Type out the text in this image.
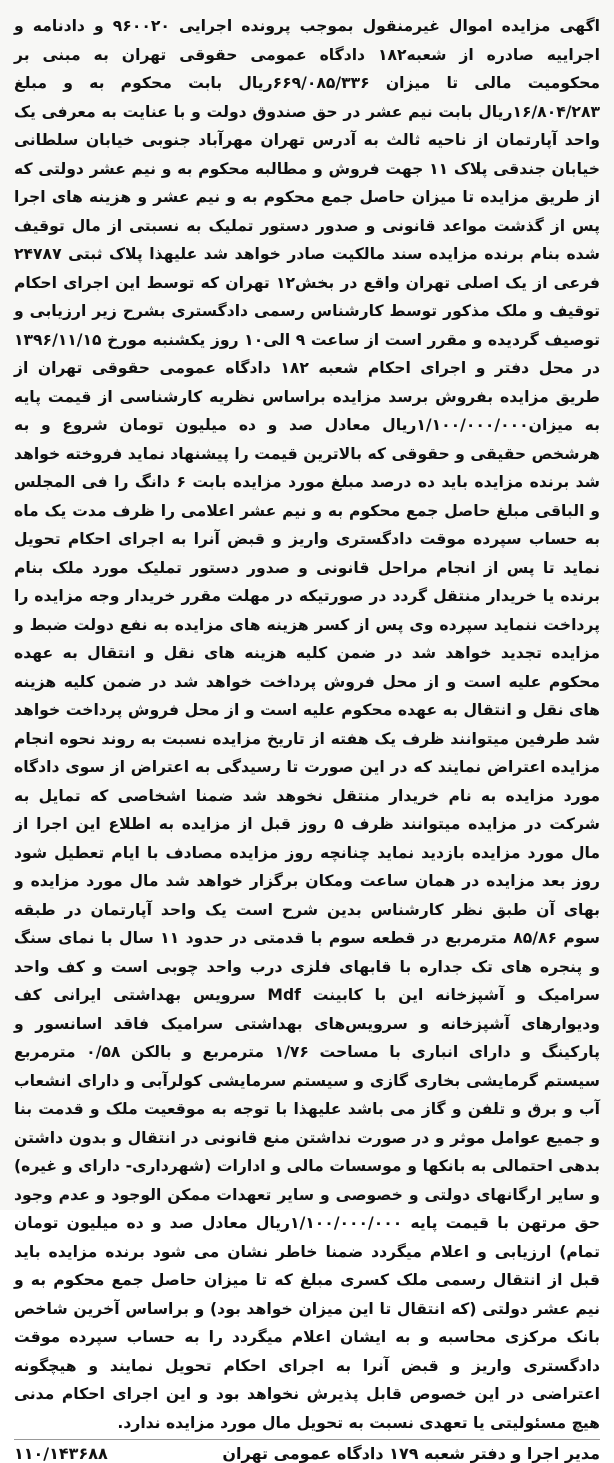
اگهی مزایده اموال غیرمنقول بموجب پرونده اجرایی ۹۶۰۰۲۰ و دادنامه و اجراییه صادره از شعبه۱۸۲ دادگاه عمومی حقوقی تهران به مبنی بر محکومیت مالی تا میزان ۶۶۹/۰۸۵/۳۳۶ریال بابت محکوم به و مبلغ ۱۶/۸۰۴/۲۸۳ریال بابت نیم عشر در حق صندوق دولت و با عنایت به معرفی یک واحد آپارتمان از ناحیه ثالث به آدرس تهران مهرآباد جنوبی خیابان سلطانی خیابان جندقی پلاک ۱۱ جهت فروش و مطالبه محکوم به و نیم عشر دولتی که از طریق مزایده تا میزان حاصل جمع محکوم به و نیم عشر و هزینه های اجرا پس از گذشت مواعد قانونی و صدور دستور تملیک به نسبتی از مال توقیف شده بنام برنده مزایده سند مالکیت صادر خواهد شد علیهذا پلاک ثبتی ۲۴۷۸۷ فرعی از یک اصلی تهران واقع در بخش۱۲ تهران که توسط این اجرای احکام توقیف و ملک مذکور توسط کارشناس رسمی دادگستری بشرح زیر ارزیابی و توصیف گردیده و مقرر است از ساعت ۹ الی۱۰ روز یکشنبه مورخ ۱۳۹۶/۱۱/۱۵ در محل دفتر و اجرای احکام شعبه ۱۸۲ دادگاه عمومی حقوقی تهران از طریق مزایده بفروش برسد مزایده براساس نظریه کارشناسی از قیمت پایه به میزان۱/۱۰۰/۰۰۰/۰۰۰ریال معادل صد و ده میلیون تومان شروع و به هرشخص حقیقی و حقوقی که بالاترین قیمت را پیشنهاد نماید فروخته خواهد شد برنده مزایده باید ده درصد مبلغ مورد مزایده بابت ۶ دانگ را فی المجلس و الباقی مبلغ حاصل جمع محکوم به و نیم عشر اعلامی را ظرف مدت یک ماه به حساب سپرده موقت دادگستری واریز و قبض آنرا به اجرای احکام تحویل نماید تا پس از انجام مراحل قانونی و صدور دستور تملیک مورد ملک بنام برنده یا خریدار منتقل گردد در صورتیکه در مهلت مقرر خریدار وجه مزایده را پرداخت ننماید سپرده وی پس از کسر هزینه های مزایده به نفع دولت ضبط و مزایده تجدید خواهد شد در ضمن کلیه هزینه های نقل و انتقال به عهده محکوم علیه است و از محل فروش پرداخت خواهد شد در ضمن کلیه هزینه های نقل و انتقال به عهده محکوم علیه است و از محل فروش پرداخت خواهد شد طرفین میتوانند ظرف یک هفته از تاریخ مزایده نسبت به روند نحوه انجام مزایده اعتراض نمایند که در این صورت تا رسیدگی به اعتراض از سوی دادگاه مورد مزایده به نام خریدار منتقل نخوهد شد ضمنا اشخاصی که تمایل به شرکت در مزایده میتوانند ظرف ۵ روز قبل از مزایده به اطلاع این اجرا از مال مورد مزایده بازدید نماید چنانچه روز مزایده مصادف با ایام تعطیل شود روز بعد مزایده در همان ساعت ومکان برگزار خواهد شد مال مورد مزایده و بهای آن طبق نظر کارشناس بدین شرح است یک واحد آپارتمان در طبقه سوم ۸۵/۸۶ مترمربع در قطعه سوم با قدمتی در حدود ۱۱ سال با نمای سنگ و پنجره های تک جداره با قابهای فلزی درب واحد چوبی است و کف واحد سرامیک و آشپزخانه این با کابینت Mdf سرویس بهداشتی ایرانی کف ودیوارهای آشپزخانه و سرویس‌های بهداشتی سرامیک فاقد اسانسور و پارکینگ و دارای انباری با مساحت ۱/۷۶ مترمربع و بالکن ۰/۵۸ مترمربع سیستم گرمایشی بخاری گازی و سیستم سرمایشی کولرآبی و دارای انشعاب آب و برق و تلفن و گاز می باشد علیهذا با توجه به موقعیت ملک و قدمت بنا و جمیع عوامل موثر و در صورت نداشتن منع قانونی در انتقال و بدون داشتن بدهی احتمالی به بانکها و موسسات مالی و ادارات (شهرداری- دارای و غیره) و سایر ارگانهای دولتی و خصوصی و سایر تعهدات ممکن الوجود و عدم وجود حق مرتهن با قیمت پایه ۱/۱۰۰/۰۰۰/۰۰۰ریال معادل صد و ده میلیون تومان تمام) ارزیابی و اعلام میگردد ضمنا خاطر نشان می شود برنده مزایده باید قبل از انتقال رسمی ملک کسری مبلغ که تا میزان حاصل جمع محکوم به و نیم عشر دولتی (که انتقال تا این میزان خواهد بود) و براساس آخرین شاخص بانک مرکزی محاسبه و به ایشان اعلام میگردد را به حساب سپرده موقت دادگستری واریز و قبض آنرا به اجرای احکام تحویل نمایند و هیچگونه اعتراضی در این خصوص قابل پذیرش نخواهد بود و این اجرای احکام مدنی هیچ مسئولیتی یا تعهدی نسبت به تحویل مال مورد مزایده ندارد.

مدیر اجرا و دفتر شعبه ۱۷۹ دادگاه عمومی تهران
۱۱۰/۱۴۳۶۸۸
